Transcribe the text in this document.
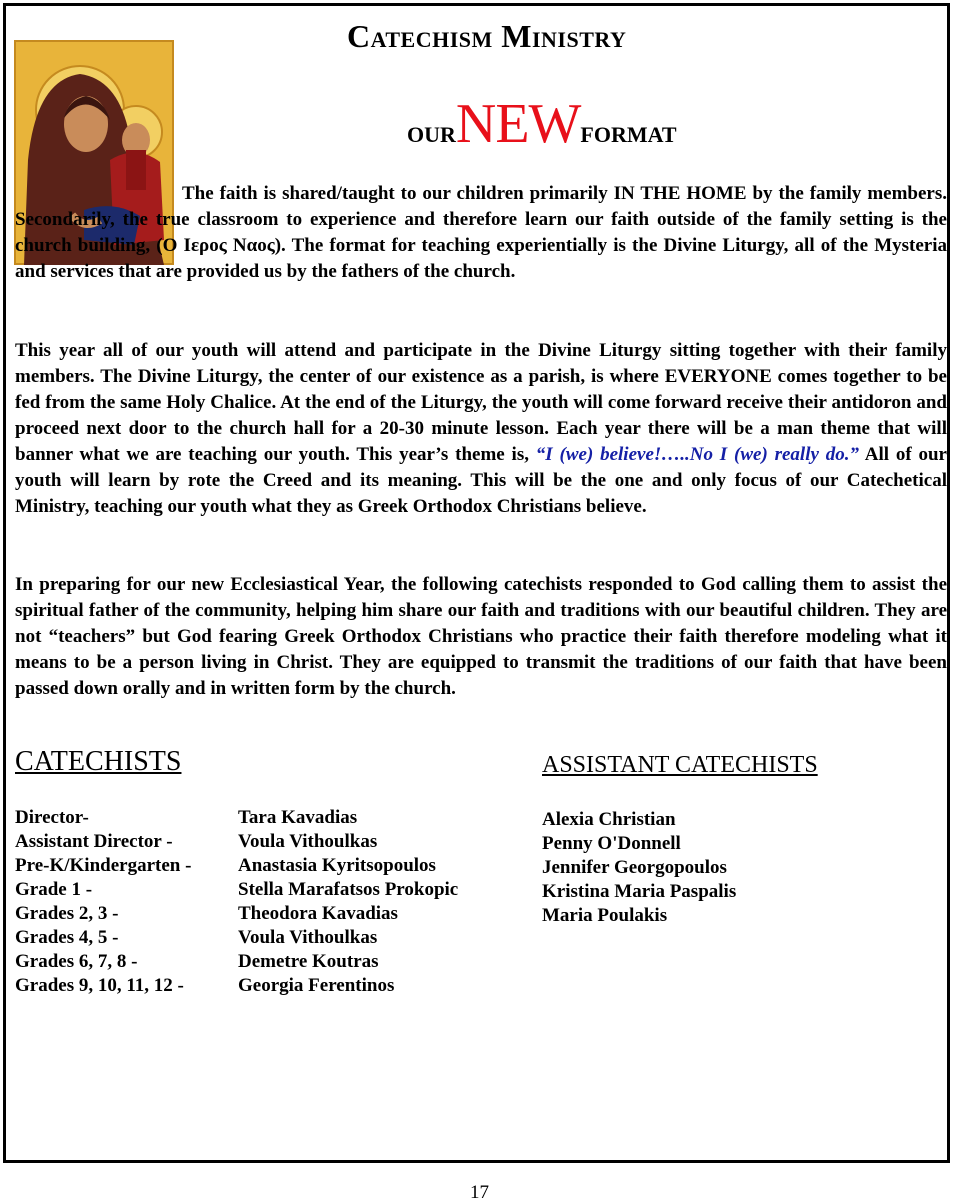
Catechism Ministry

OURNEWFORMAT

The faith is shared/taught to our children primarily IN THE HOME by the family members. Secondarily, the true classroom to experience and therefore learn our faith outside of the family setting is the church building, (Ο Ιερος Ναος). The format for teaching experientially is the Divine Liturgy, all of the Mysteria and services that are provided us by the fathers of the church.

This year all of our youth will attend and participate in the Divine Liturgy sitting together with their family members. The Divine Liturgy, the center of our existence as a parish, is where EVERYONE comes together to be fed from the same Holy Chalice. At the end of the Liturgy, the youth will come forward receive their antidoron and proceed next door to the church hall for a 20-30 minute lesson. Each year there will be a man theme that will banner what we are teaching our youth. This year’s theme is, “I (we) believe!…..No I (we) really do.” All of our youth will learn by rote the Creed and its meaning. This will be the one and only focus of our Catechetical Ministry, teaching our youth what they as Greek Orthodox Christians believe.

In preparing for our new Ecclesiastical Year, the following catechists responded to God calling them to assist the spiritual father of the community, helping him share our faith and traditions with our beautiful children. They are not “teachers” but God fearing Greek Orthodox Christians who practice their faith therefore modeling what it means to be a person living in Christ. They are equipped to transmit the traditions of our faith that have been passed down orally and in written form by the church.

CATECHISTS	ASSISTANT CATECHISTS
Director-
Assistant Director -
Pre-K/Kindergarten -
Grade 1 -
Grades 2, 3 -
Grades 4, 5 -
Grades 6, 7, 8 -
Grades 9, 10, 11, 12 -
Tara Kavadias
Voula Vithoulkas
Anastasia Kyritsopoulos
Stella Marafatsos Prokopic
Theodora Kavadias
Voula Vithoulkas
Demetre Koutras
Georgia Ferentinos
Alexia Christian
Penny O'Donnell
Jennifer Georgopoulos
Kristina Maria Paspalis
Maria Poulakis

17
